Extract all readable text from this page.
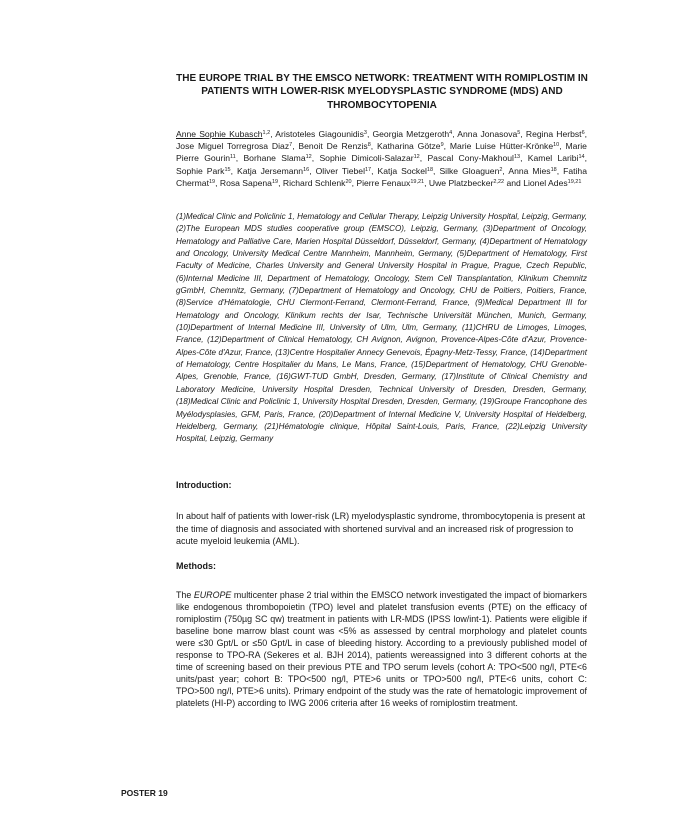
THE EUROPE TRIAL BY THE EMSCO NETWORK: TREATMENT WITH ROMIPLOSTIM IN PATIENTS WITH LOWER-RISK MYELODYSPLASTIC SYNDROME (MDS) AND THROMBOCYTOPENIA
Anne Sophie Kubasch$^{1,2}$, Aristoteles Giagounidis$^3$, Georgia Metzgeroth$^4$, Anna Jonasova$^5$, Regina Herbst$^6$, Jose Miguel Torregrosa Diaz$^7$, Benoit De Renzis$^8$, Katharina Götze$^9$, Marie Luise Hütter-Krönke$^{10}$, Marie Pierre Gourin$^{11}$, Borhane Slama$^{12}$, Sophie Dimicoli-Salazar$^{12}$, Pascal Cony-Makhoul$^{13}$, Kamel Laribi$^{14}$, Sophie Park$^{15}$, Katja Jersemann$^{16}$, Oliver Tiebel$^{17}$, Katja Sockel$^{18}$, Silke Gloaguen$^2$, Anna Mies$^{18}$, Fatiha Chermat$^{19}$, Rosa Sapena$^{19}$, Richard Schlenk$^{20}$, Pierre Fenaux$^{19,21}$, Uwe Platzbecker$^{2,22}$ and Lionel Ades$^{19,21}$
(1)Medical Clinic and Policlinic 1, Hematology and Cellular Therapy, Leipzig University Hospital, Leipzig, Germany, (2)The European MDS studies cooperative group (EMSCO), Leipzig, Germany, (3)Department of Oncology, Hematology and Palliative Care, Marien Hospital Düsseldorf, Düsseldorf, Germany, (4)Department of Hematology and Oncology, University Medical Centre Mannheim, Mannheim, Germany, (5)Department of Hematology, First Faculty of Medicine, Charles University and General University Hospital in Prague, Prague, Czech Republic, (6)Internal Medicine III, Department of Hematology, Oncology, Stem Cell Transplantation, Klinikum Chemnitz gGmbH, Chemnitz, Germany, (7)Department of Hematology and Oncology, CHU de Poitiers, Poitiers, France, (8)Service d'Hématologie, CHU Clermont-Ferrand, Clermont-Ferrand, France, (9)Medical Department III for Hematology and Oncology, Klinikum rechts der Isar, Technische Universität München, Munich, Germany, (10)Department of Internal Medicine III, University of Ulm, Ulm, Germany, (11)CHRU de Limoges, Limoges, France, (12)Department of Clinical Hematology, CH Avignon, Avignon, Provence-Alpes-Côte d'Azur, Provence-Alpes-Côte d'Azur, France, (13)Centre Hospitalier Annecy Genevois, Épagny-Metz-Tessy, France, (14)Department of Hematology, Centre Hospitalier du Mans, Le Mans, France, (15)Department of Hematology, CHU Grenoble-Alpes, Grenoble, France, (16)GWT-TUD GmbH, Dresden, Germany, (17)Institute of Clinical Chemistry and Laboratory Medicine, University Hospital Dresden, Technical University of Dresden, Dresden, Germany, (18)Medical Clinic and Policlinic 1, University Hospital Dresden, Dresden, Germany, (19)Groupe Francophone des Myélodysplasies, GFM, Paris, France, (20)Department of Internal Medicine V, University Hospital of Heidelberg, Heidelberg, Germany, (21)Hématologie clinique, Hôpital Saint-Louis, Paris, France, (22)Leipzig University Hospital, Leipzig, Germany
Introduction:
In about half of patients with lower-risk (LR) myelodysplastic syndrome, thrombocytopenia is present at the time of diagnosis and associated with shortened survival and an increased risk of progression to acute myeloid leukemia (AML).
Methods:
The EUROPE multicenter phase 2 trial within the EMSCO network investigated the impact of biomarkers like endogenous thrombopoietin (TPO) level and platelet transfusion events (PTE) on the efficacy of romiplostim (750µg SC qw) treatment in patients with LR-MDS (IPSS low/int-1). Patients were eligible if baseline bone marrow blast count was <5% as assessed by central morphology and platelet counts were ≤30 Gpt/L or ≤50 Gpt/L in case of bleeding history. According to a previously published model of response to TPO-RA (Sekeres et al. BJH 2014), patients wereassigned into 3 different cohorts at the time of screening based on their previous PTE and TPO serum levels (cohort A: TPO<500 ng/l, PTE<6 units/past year; cohort B: TPO<500 ng/l, PTE>6 units or TPO>500 ng/l, PTE<6 units, cohort C: TPO>500 ng/l, PTE>6 units). Primary endpoint of the study was the rate of hematologic improvement of platelets (HI-P) according to IWG 2006 criteria after 16 weeks of romiplostim treatment.
POSTER 19
